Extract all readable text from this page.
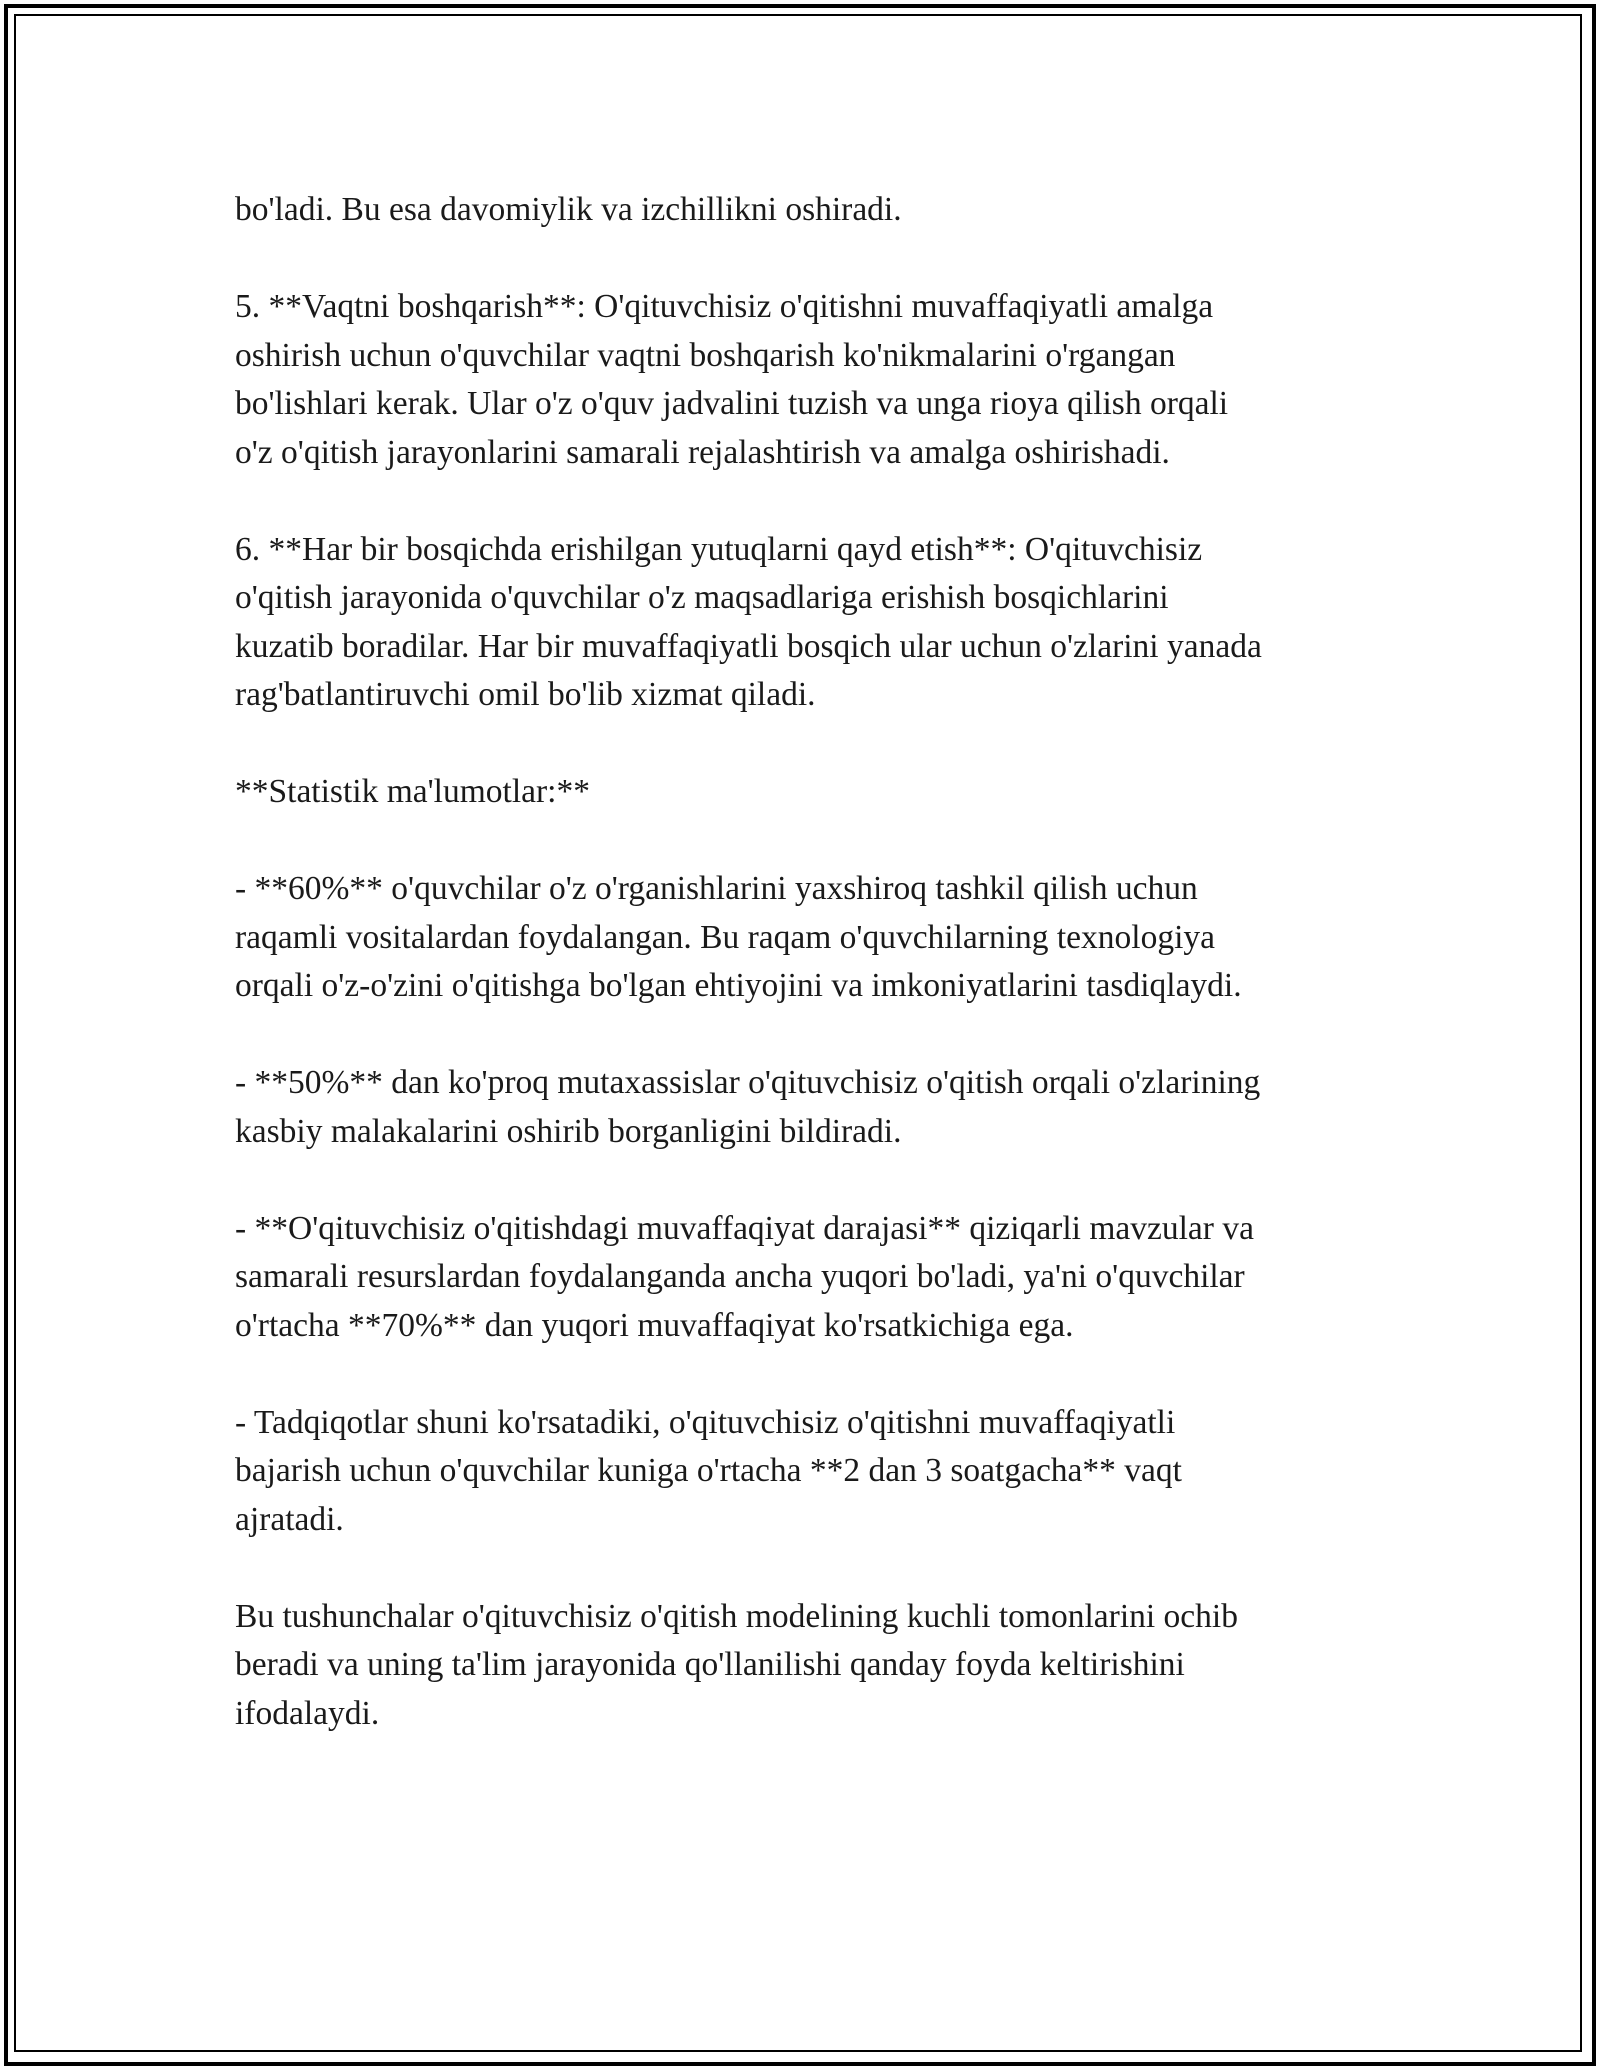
bo'ladi. Bu esa davomiylik va izchillikni oshiradi.

5. **Vaqtni boshqarish**: O'qituvchisiz o'qitishni muvaffaqiyatli amalga
oshirish uchun o'quvchilar vaqtni boshqarish ko'nikmalarini o'rgangan
bo'lishlari kerak. Ular o'z o'quv jadvalini tuzish va unga rioya qilish orqali
o'z o'qitish jarayonlarini samarali rejalashtirish va amalga oshirishadi.

6. **Har bir bosqichda erishilgan yutuqlarni qayd etish**: O'qituvchisiz
o'qitish jarayonida o'quvchilar o'z maqsadlariga erishish bosqichlarini
kuzatib boradilar. Har bir muvaffaqiyatli bosqich ular uchun o'zlarini yanada
rag'batlantiruvchi omil bo'lib xizmat qiladi.

**Statistik ma'lumotlar:**

- **60%** o'quvchilar o'z o'rganishlarini yaxshiroq tashkil qilish uchun
raqamli vositalardan foydalangan. Bu raqam o'quvchilarning texnologiya
orqali o'z-o'zini o'qitishga bo'lgan ehtiyojini va imkoniyatlarini tasdiqlaydi.

- **50%** dan ko'proq mutaxassislar o'qituvchisiz o'qitish orqali o'zlarining
kasbiy malakalarini oshirib borganligini bildiradi.

- **O'qituvchisiz o'qitishdagi muvaffaqiyat darajasi** qiziqarli mavzular va
samarali resurslardan foydalanganda ancha yuqori bo'ladi, ya'ni o'quvchilar
o'rtacha **70%** dan yuqori muvaffaqiyat ko'rsatkichiga ega.

- Tadqiqotlar shuni ko'rsatadiki, o'qituvchisiz o'qitishni muvaffaqiyatli
bajarish uchun o'quvchilar kuniga o'rtacha **2 dan 3 soatgacha** vaqt
ajratadi.

Bu tushunchalar o'qituvchisiz o'qitish modelining kuchli tomonlarini ochib
beradi va uning ta'lim jarayonida qo'llanilishi qanday foyda keltirishini
ifodalaydi.
